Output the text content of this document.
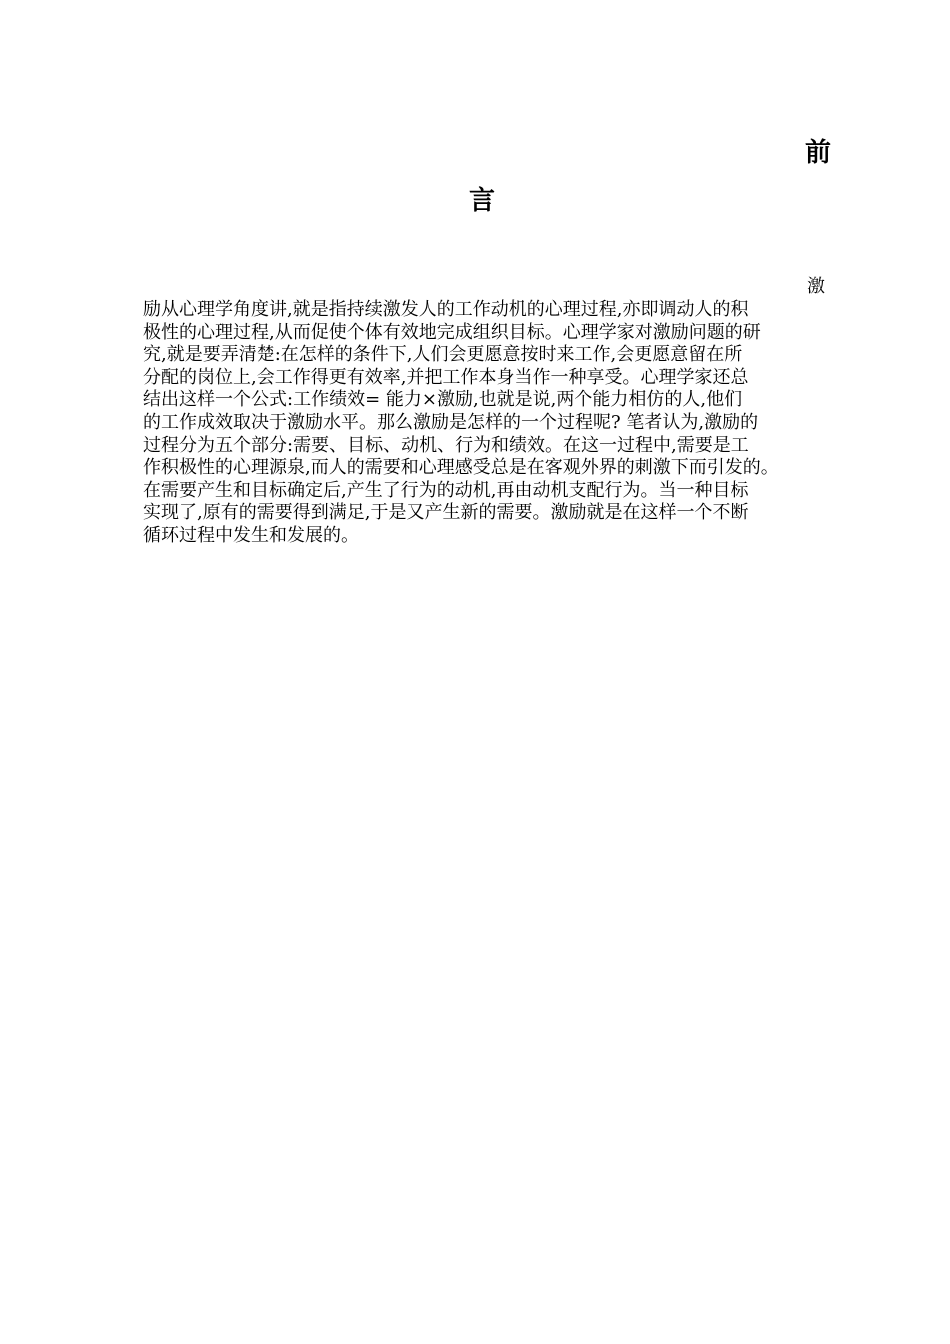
前
言
激

励从心理学角度讲,就是指持续激发人的工作动机的心理过程,亦即调动人的积
极性的心理过程,从而促使个体有效地完成组织目标。心理学家对激励问题的研
究,就是要弄清楚:在怎样的条件下,人们会更愿意按时来工作,会更愿意留在所
分配的岗位上,会工作得更有效率,并把工作本身当作一种享受。心理学家还总
结出这样一个公式:工作绩效= 能力×激励,也就是说,两个能力相仿的人,他们
的工作成效取决于激励水平。那么激励是怎样的一个过程呢? 笔者认为,激励的
过程分为五个部分:需要、目标、动机、行为和绩效。在这一过程中,需要是工
作积极性的心理源泉,而人的需要和心理感受总是在客观外界的刺激下而引发的。
在需要产生和目标确定后,产生了行为的动机,再由动机支配行为。当一种目标
实现了,原有的需要得到满足,于是又产生新的需要。激励就是在这样一个不断
循环过程中发生和发展的。
